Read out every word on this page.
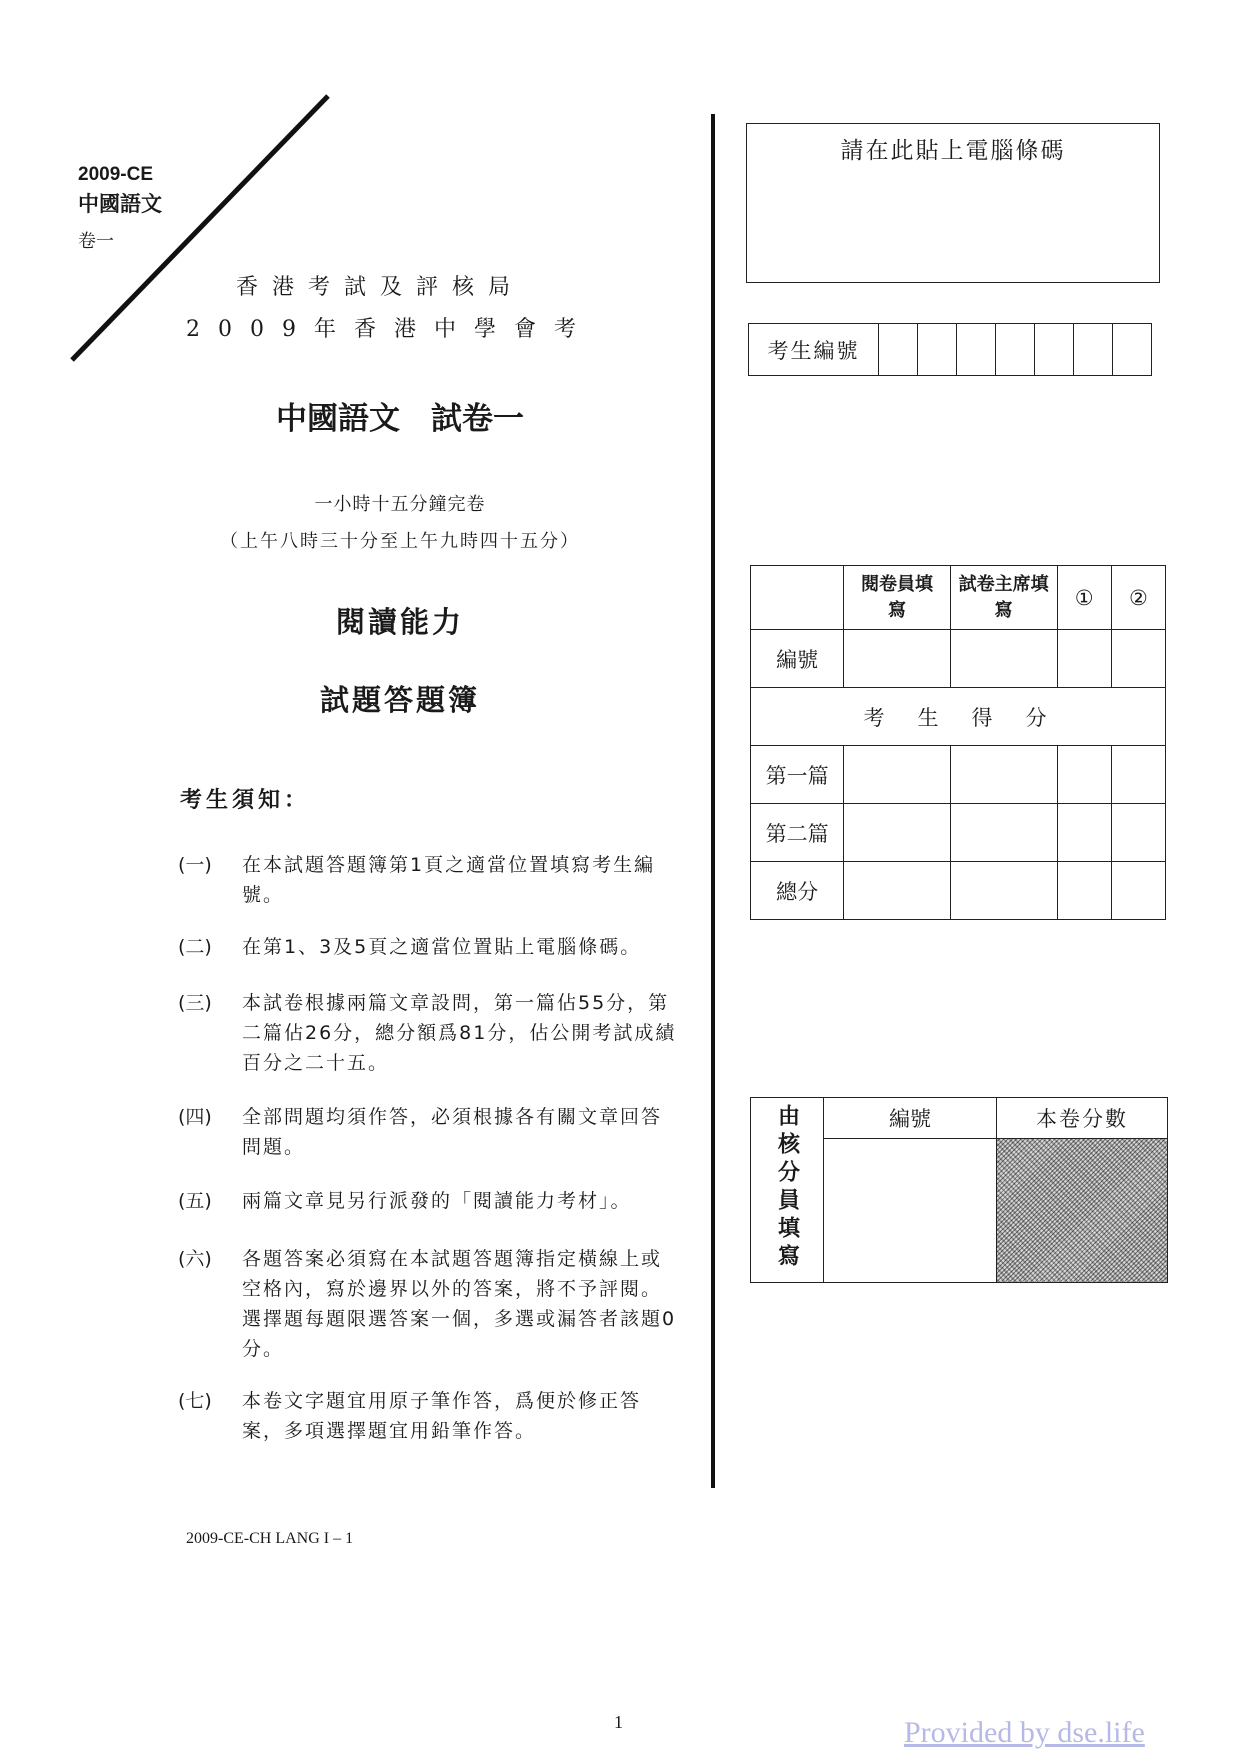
2009-CE
中國語文
卷一
香港考試及評核局
2009年香港中學會考
中國語文　試卷一
一小時十五分鐘完卷
（上午八時三十分至上午九時四十五分）
閱讀能力
試題答題簿
考生須知：
(一)	在本試題答題簿第1頁之適當位置填寫考生編號。
(二)	在第1、3及5頁之適當位置貼上電腦條碼。
(三)	本試卷根據兩篇文章設問，第一篇佔55分，第二篇佔26分，總分額爲81分，佔公開考試成績百分之二十五。
(四)	全部問題均須作答，必須根據各有關文章回答問題。
(五)	兩篇文章見另行派發的「閱讀能力考材」。
(六)	各題答案必須寫在本試題答題簿指定橫線上或空格內，寫於邊界以外的答案，將不予評閱。選擇題每題限選答案一個，多選或漏答者該題0分。
(七)	本卷文字題宜用原子筆作答，爲便於修正答案，多項選擇題宜用鉛筆作答。
請在此貼上電腦條碼
考生編號							
	閱卷員填寫	試卷主席填寫	①	②
編號				
考　生　得　分				
第一篇				
第二篇				
總分				
由核分員填寫	編號	本卷分數

2009-CE-CH LANG I – 1
1	Provided by dse.life
